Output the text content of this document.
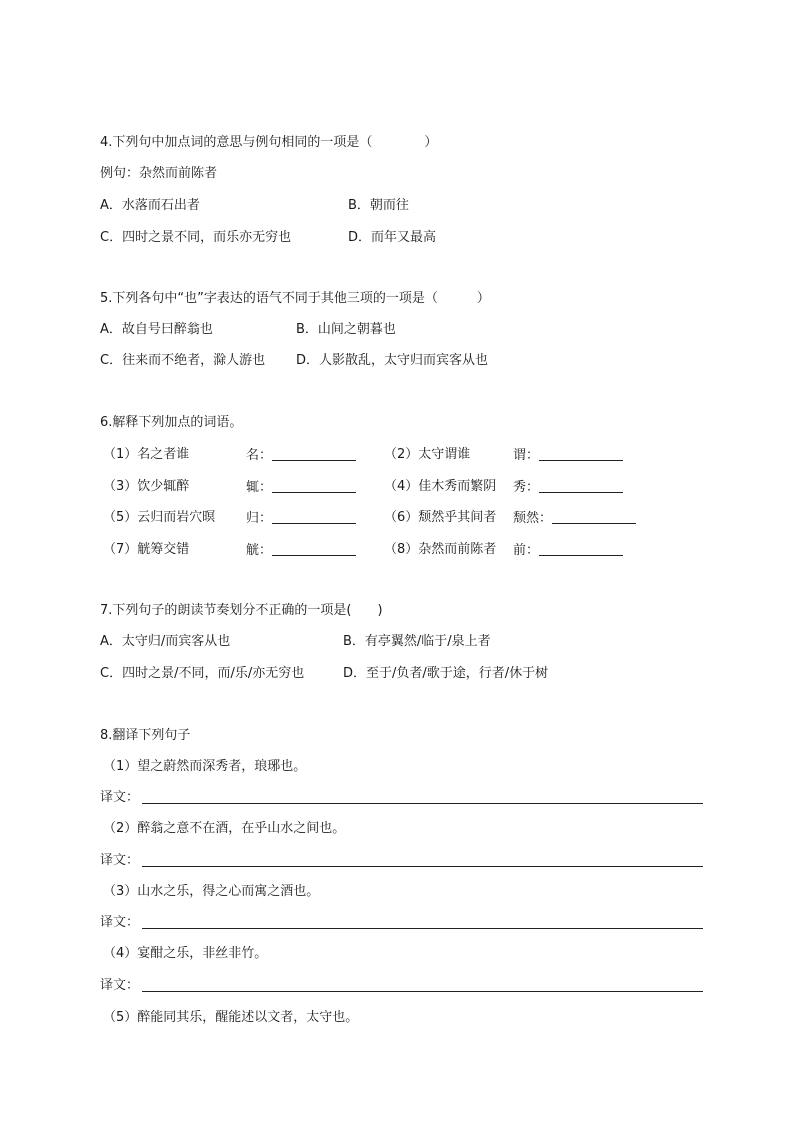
4.下列句中加点词的意思与例句相同的一项是（　　　　）
例句：杂然而前陈者
A．水落而石出者	B．朝而往
C．四时之景不同，而乐亦无穷也	D．而年又最高
5.下列各句中“也”字表达的语气不同于其他三项的一项是（　　　）
A．故自号曰醉翁也	B．山间之朝暮也
C．往来而不绝者，滁人游也 D．人影散乱，太守归而宾客从也
6.解释下列加点的词语。
（1）名之者谁	名：	（2）太守谓谁	谓：
（3）饮少辄醉	辄：	（4）佳木秀而繁阴 秀：
（5）云归而岩穴暝 归：	（6）颓然乎其间者 颓然：
（7）觥筹交错	觥：	（8）杂然而前陈者 前：
7.下列句子的朗读节奏划分不正确的一项是(　　)
A．太守归/而宾客从也	B．有亭翼然/临于/泉上者
C．四时之景/不同，而/乐/亦无穷也	D．至于/负者/歌于途，行者/休于树
8.翻译下列句子
（1）望之蔚然而深秀者，琅琊也。
译文：
（2）醉翁之意不在酒，在乎山水之间也。
译文：
（3）山水之乐，得之心而寓之酒也。
译文：
（4）宴酣之乐，非丝非竹。
译文：
（5）醉能同其乐，醒能述以文者，太守也。
